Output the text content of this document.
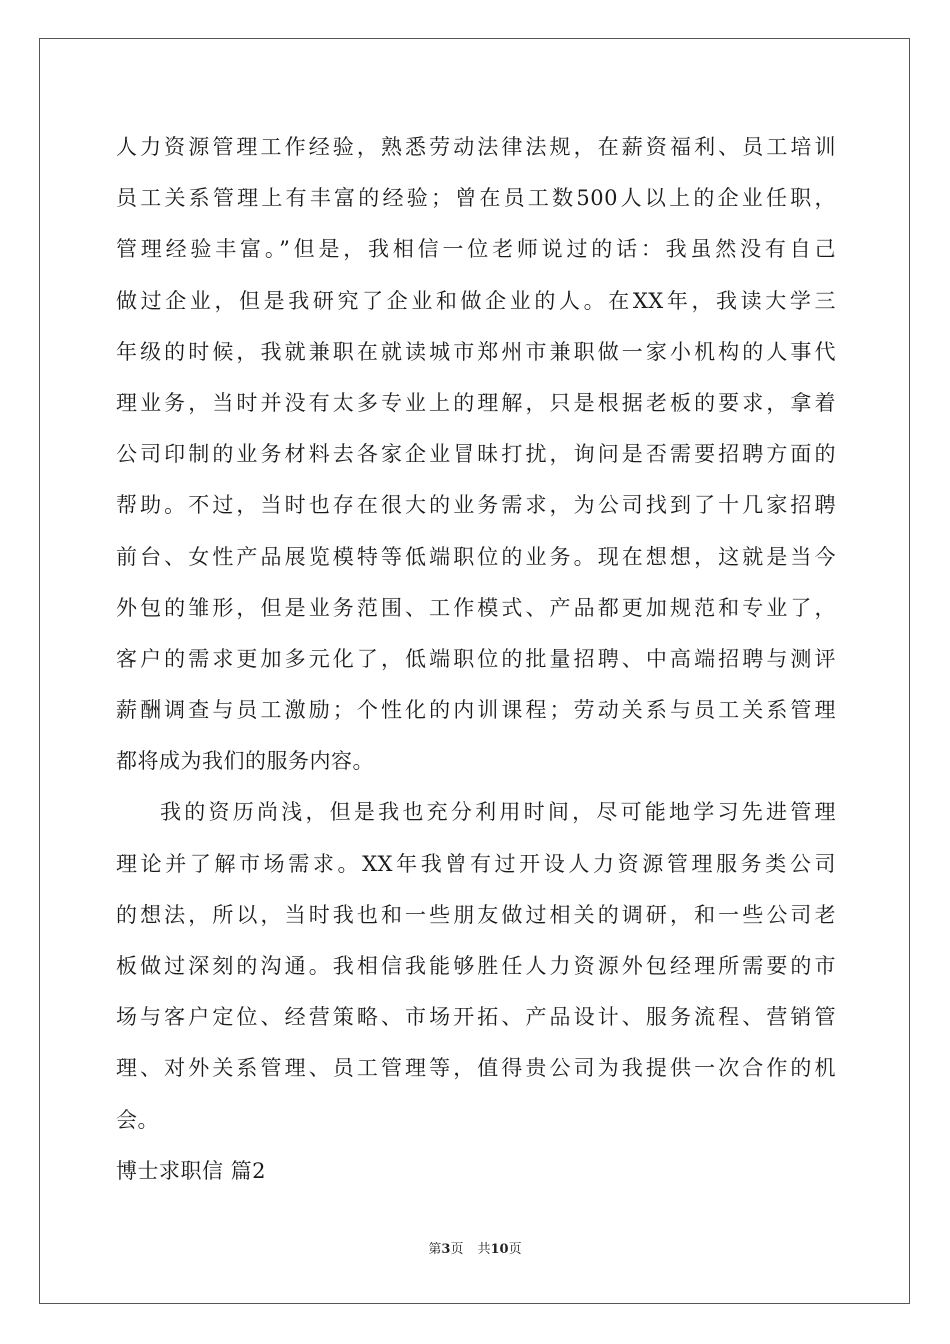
人力资源管理工作经验，熟悉劳动法律法规，在薪资福利、员工培训
员工关系管理上有丰富的经验；曾在员工数500人以上的企业任职，
管理经验丰富。”但是，我相信一位老师说过的话：我虽然没有自己
做过企业，但是我研究了企业和做企业的人。在XX年，我读大学三
年级的时候，我就兼职在就读城市郑州市兼职做一家小机构的人事代
理业务，当时并没有太多专业上的理解，只是根据老板的要求，拿着
公司印制的业务材料去各家企业冒昧打扰，询问是否需要招聘方面的
帮助。不过，当时也存在很大的业务需求，为公司找到了十几家招聘
前台、女性产品展览模特等低端职位的业务。现在想想，这就是当今
外包的雏形，但是业务范围、工作模式、产品都更加规范和专业了，
客户的需求更加多元化了，低端职位的批量招聘、中高端招聘与测评
薪酬调查与员工激励；个性化的内训课程；劳动关系与员工关系管理
都将成为我们的服务内容。
我的资历尚浅，但是我也充分利用时间，尽可能地学习先进管理
理论并了解市场需求。XX年我曾有过开设人力资源管理服务类公司
的想法，所以，当时我也和一些朋友做过相关的调研，和一些公司老
板做过深刻的沟通。我相信我能够胜任人力资源外包经理所需要的市
场与客户定位、经营策略、市场开拓、产品设计、服务流程、营销管
理、对外关系管理、员工管理等，值得贵公司为我提供一次合作的机
会。
博士求职信 篇2
第3页 共10页
